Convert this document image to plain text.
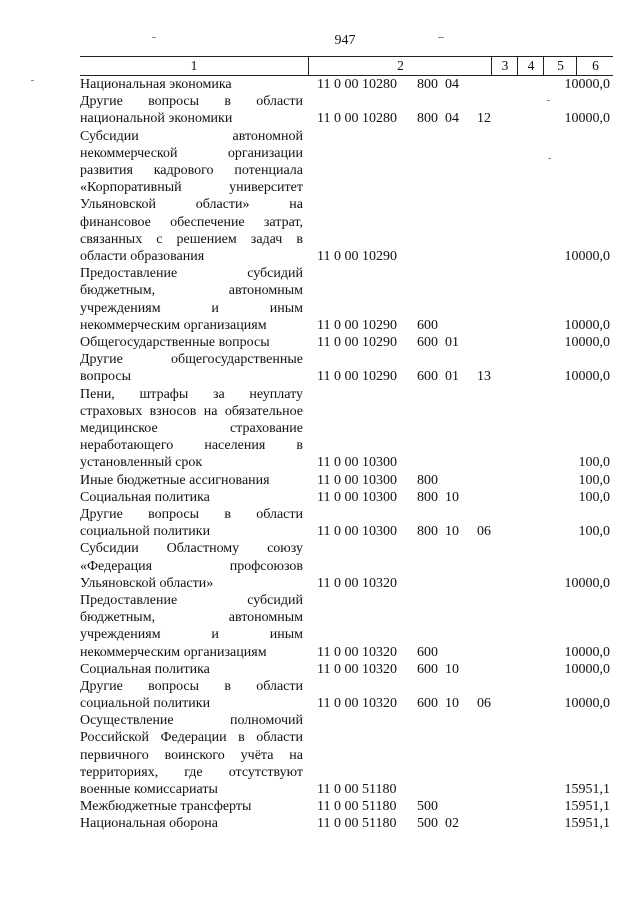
947
1	2	3	4	5	6
Национальная экономика	11 0 00 10280 800 04	10000,0
Другие вопросы в области национальной экономики	11 0 00 10280 800 04 12	10000,0
Субсидии автономной некоммерческой организации развития кадрового потенциала «Корпоративный университет Ульяновской области» на финансовое обеспечение затрат, связанных с решением задач в области образования	11 0 00 10290	10000,0
Предоставление субсидий бюджетным, автономным учреждениям и иным некоммерческим организациям	11 0 00 10290 600	10000,0
Общегосударственные вопросы	11 0 00 10290 600 01	10000,0
Другие общегосударственные вопросы	11 0 00 10290 600 01 13	10000,0
Пени, штрафы за неуплату страховых взносов на обязательное медицинское страхование неработающего населения в установленный срок	11 0 00 10300	100,0
Иные бюджетные ассигнования	11 0 00 10300 800	100,0
Социальная политика	11 0 00 10300 800 10	100,0
Другие вопросы в области социальной политики	11 0 00 10300 800 10 06	100,0
Субсидии Областному союзу «Федерация профсоюзов Ульяновской области»	11 0 00 10320	10000,0
Предоставление субсидий бюджетным, автономным учреждениям и иным некоммерческим организациям	11 0 00 10320 600	10000,0
Социальная политика	11 0 00 10320 600 10	10000,0
Другие вопросы в области социальной политики	11 0 00 10320 600 10 06	10000,0
Осуществление полномочий Российской Федерации в области первичного воинского учёта на территориях, где отсутствуют военные комиссариаты	11 0 00 51180	15951,1
Межбюджетные трансферты	11 0 00 51180 500	15951,1
Национальная оборона	11 0 00 51180 500 02	15951,1
